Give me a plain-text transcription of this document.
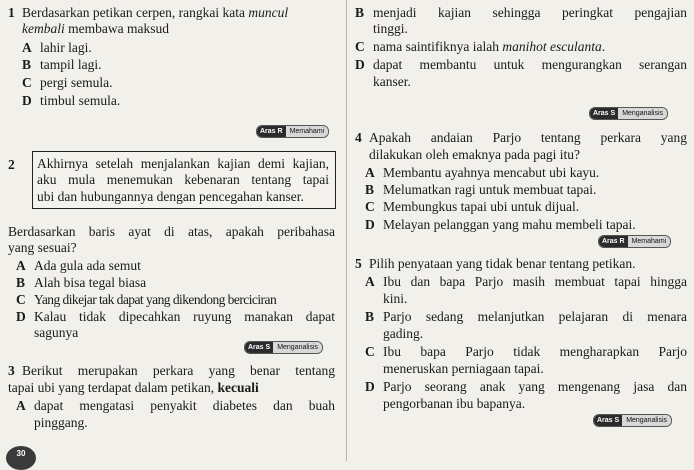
1 Berdasarkan petikan cerpen, rangkai kata muncul
kembali membawa maksud
A lahir lagi.
B tampil lagi.
C pergi semula.
D timbul semula.
Aras R	Memahami
2 Akhirnya setelah menjalankan kajian demi kajian,
aku mula menemukan kebenaran tentang tapai
ubi dan hubungannya dengan pencegahan kanser.
Berdasarkan baris ayat di atas, apakah peribahasa
yang sesuai?
A Ada gula ada semut
B Alah bisa tegal biasa
C Yang dikejar tak dapat yang dikendong berciciran
D Kalau tidak dipecahkan ruyung manakan dapat
sagunya
Aras S	Menganalisis
3 Berikut merupakan perkara yang benar tentang
tapai ubi yang terdapat dalam petikan, kecuali
A dapat mengatasi penyakit diabetes dan buah
pinggang.
30
B menjadi kajian sehingga peringkat pengajian
tinggi.
C nama saintifiknya ialah manihot esculanta.
D dapat membantu untuk mengurangkan serangan
kanser.
Aras S	Menganalisis
4 Apakah andaian Parjo tentang perkara yang
dilakukan oleh emaknya pada pagi itu?
A Membantu ayahnya mencabut ubi kayu.
B Melumatkan ragi untuk membuat tapai.
C Membungkus tapai ubi untuk dijual.
D Melayan pelanggan yang mahu membeli tapai.
Aras R	Memahami
5 Pilih penyataan yang tidak benar tentang petikan.
A Ibu dan bapa Parjo masih membuat tapai hingga
kini.
B Parjo sedang melanjutkan pelajaran di menara
gading.
C Ibu bapa Parjo tidak mengharapkan Parjo
meneruskan perniagaan tapai.
D Parjo seorang anak yang mengenang jasa dan
pengorbanan ibu bapanya.
Aras S	Menganalisis
